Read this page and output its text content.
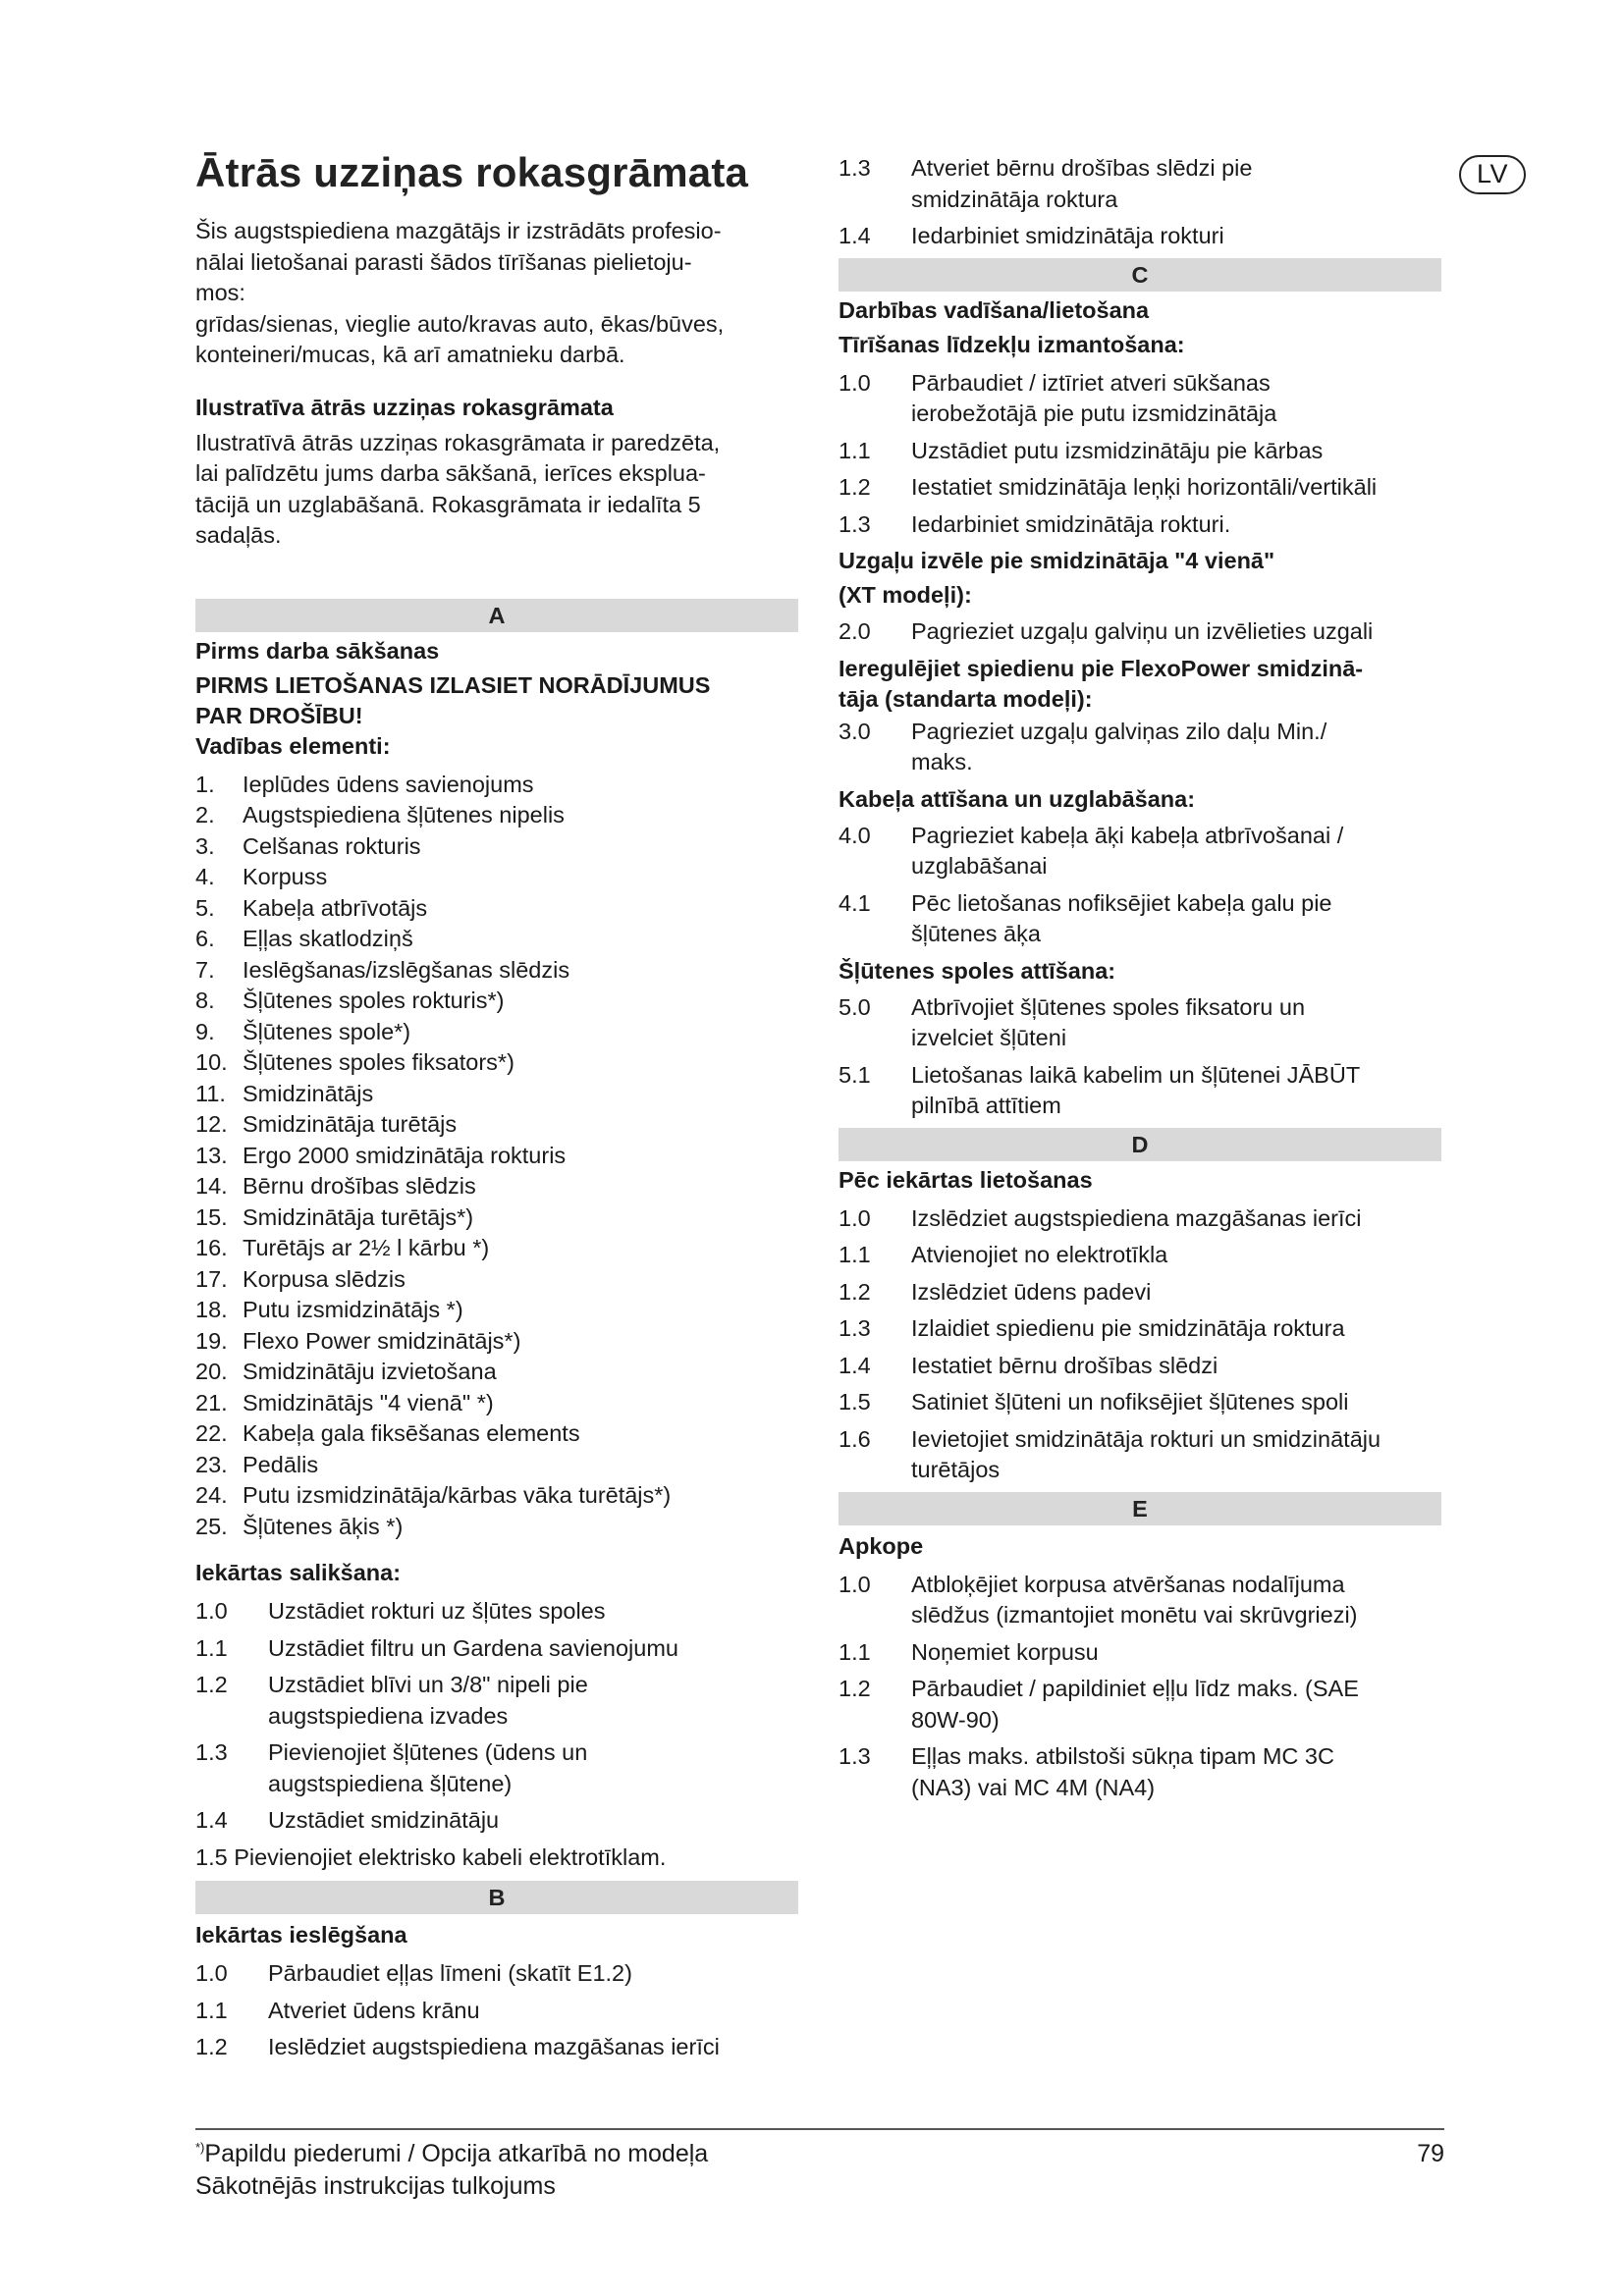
LV
Ātrās uzziņas rokasgrāmata
Šis augstspiediena mazgātājs ir izstrādāts profesio-
nālai lietošanai parasti šādos tīrīšanas pielietoju-
mos:
grīdas/sienas, vieglie auto/kravas auto, ēkas/būves,
konteineri/mucas, kā arī amatnieku darbā.
Ilustratīva ātrās uzziņas rokasgrāmata
Ilustratīvā ātrās uzziņas rokasgrāmata ir paredzēta,
lai palīdzētu jums darba sākšanā, ierīces eksplua-
tācijā un uzglabāšanā. Rokasgrāmata ir iedalīta 5
sadaļās.
A
Pirms darba sākšanas
PIRMS LIETOŠANAS IZLASIET NORĀDĪJUMUS
PAR DROŠĪBU!
Vadības elementi:
1.	Ieplūdes ūdens savienojums
2.	Augstspiediena šļūtenes nipelis
3.	Celšanas rokturis
4.	Korpuss
5.	Kabeļa atbrīvotājs
6.	Eļļas skatlodziņš
7.	Ieslēgšanas/izslēgšanas slēdzis
8.	Šļūtenes spoles rokturis*)
9.	Šļūtenes spole*)
10. Šļūtenes spoles fiksators*)
11. Smidzinātājs
12. Smidzinātāja turētājs
13. Ergo 2000 smidzinātāja rokturis
14. Bērnu drošības slēdzis
15. Smidzinātāja turētājs*)
16. Turētājs ar 2½ l kārbu *)
17. Korpusa slēdzis
18. Putu izsmidzinātājs *)
19. Flexo Power smidzinātājs*)
20. Smidzinātāju izvietošana
21. Smidzinātājs "4 vienā" *)
22. Kabeļa gala fiksēšanas elements
23. Pedālis
24. Putu izsmidzinātāja/kārbas vāka turētājs*)
25. Šļūtenes āķis *)
Iekārtas salikšana:
1.0	Uzstādiet rokturi uz šļūtes spoles
1.1	Uzstādiet filtru un Gardena savienojumu
1.2	Uzstādiet blīvi un 3/8" nipeli pie
augstspiediena izvades
1.3	Pievienojiet šļūtenes (ūdens un
augstspiediena šļūtene)
1.4	Uzstādiet smidzinātāju
1.5 Pievienojiet elektrisko kabeli elektrotīklam.
B
Iekārtas ieslēgšana
1.0	Pārbaudiet eļļas līmeni (skatīt E1.2)
1.1	Atveriet ūdens krānu
1.2	Ieslēdziet augstspiediena mazgāšanas ierīci
1.3	Atveriet bērnu drošības slēdzi pie
smidzinātāja roktura
1.4	Iedarbiniet smidzinātāja rokturi
C
Darbības vadīšana/lietošana
Tīrīšanas līdzekļu izmantošana:
1.0	Pārbaudiet / iztīriet atveri sūkšanas
ierobežotājā pie putu izsmidzinātāja
1.1	Uzstādiet putu izsmidzinātāju pie kārbas
1.2	Iestatiet smidzinātāja leņķi horizontāli/vertikāli
1.3	Iedarbiniet smidzinātāja rokturi.
Uzgaļu izvēle pie smidzinātāja "4 vienā"
(XT modeļi):
2.0	Pagrieziet uzgaļu galviņu un izvēlieties uzgali
Ieregulējiet spiedienu pie FlexoPower smidzinā-
tāja (standarta modeļi):
3.0	Pagrieziet uzgaļu galviņas zilo daļu Min./
maks.
Kabeļa attīšana un uzglabāšana:
4.0	Pagrieziet kabeļa āķi kabeļa atbrīvošanai /
uzglabāšanai
4.1	Pēc lietošanas nofiksējiet kabeļa galu pie
šļūtenes āķa
Šļūtenes spoles attīšana:
5.0	Atbrīvojiet šļūtenes spoles fiksatoru un
izvelciet šļūteni
5.1	Lietošanas laikā kabelim un šļūtenei JĀBŪT
pilnībā attītiem
D
Pēc iekārtas lietošanas
1.0	Izslēdziet augstspiediena mazgāšanas ierīci
1.1	Atvienojiet no elektrotīkla
1.2	Izslēdziet ūdens padevi
1.3	Izlaidiet spiedienu pie smidzinātāja roktura
1.4	Iestatiet bērnu drošības slēdzi
1.5	Satiniet šļūteni un nofiksējiet šļūtenes spoli
1.6	Ievietojiet smidzinātāja rokturi un smidzinātāju
turētājos
E
Apkope
1.0	Atbloķējiet korpusa atvēršanas nodalījuma
slēdžus (izmantojiet monētu vai skrūvgriezi)
1.1	Noņemiet korpusu
1.2	Pārbaudiet / papildiniet eļļu līdz maks. (SAE
80W-90)
1.3	Eļļas maks. atbilstoši sūkņa tipam MC 3C
(NA3) vai MC 4M (NA4)
*)Papildu piederumi / Opcija atkarībā no modeļa
Sākotnējās instrukcijas tulkojums
79
